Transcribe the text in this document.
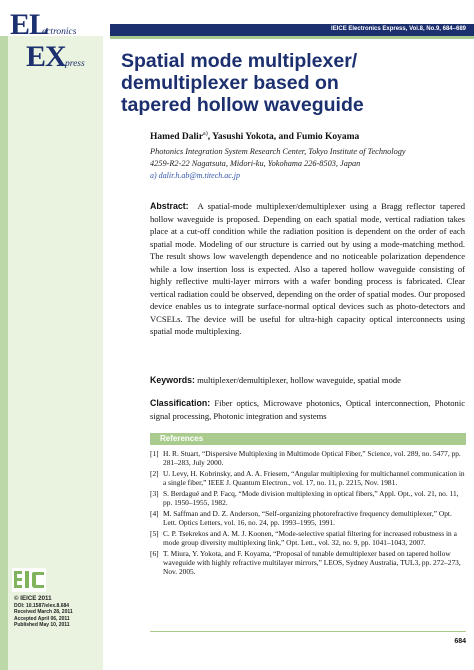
EL
ectronics
EX press
IEICE Electronics Express, Vol.8, No.9, 684–689
Spatial mode multiplexer/
demultiplexer based on
tapered hollow waveguide
Hamed Dalir$^{a)}$, Yasushi Yokota, and Fumio Koyama
Photonics Integration System Research Center, Tokyo Institute of Technology
4259-R2-22 Nagatsuta, Midori-ku, Yokohama 226-8503, Japan
a) dalir.h.ab@m.titech.ac.jp
Abstract: A spatial-mode multiplexer/demultiplexer using a Bragg reflector tapered hollow waveguide is proposed. Depending on each spatial mode, vertical radiation takes place at a cut-off condition while the radiation position is dependent on the order of each spatial mode. Modeling of our structure is carried out by using a mode-matching method. The result shows low wavelength dependence and no noticeable polarization dependence while a low insertion loss is expected. Also a tapered hollow waveguide consisting of highly reflective multi-layer mirrors with a wafer bonding process is fabricated. Clear vertical radiation could be observed, depending on the order of spatial modes. Our proposed device enables us to integrate surface-normal optical devices such as photo-detectors and VCSELs. The device will be useful for ultra-high capacity optical interconnects using spatial mode multiplexing.
Keywords: multiplexer/demultiplexer, hollow waveguide, spatial mode
Classification: Fiber optics, Microwave photonics, Optical interconnection, Photonic signal processing, Photonic integration and systems
References
[1] H. R. Stuart, “Dispersive Multiplexing in Multimode Optical Fiber,” Science, vol. 289, no. 5477, pp. 281–283, July 2000.
[2] U. Levy, H. Kobrinsky, and A. A. Friesem, “Angular multiplexing for multichannel communication in a single fiber,” IEEE J. Quantum Electron., vol. 17, no. 11, p. 2215, Nov. 1981.
[3] S. Berdagué and P. Facq, “Mode division multiplexing in optical fibers,” Appl. Opt., vol. 21, no. 11, pp. 1950–1955, 1982.
[4] M. Saffman and D. Z. Anderson, “Self-organizing photorefractive frequency demultiplexer,” Opt. Lett. Optics Letters, vol. 16, no. 24, pp. 1993–1995, 1991.
[5] C. P. Tsekrekos and A. M. J. Koonen, “Mode-selective spatial filtering for increased robustness in a mode group diversity multiplexing link,” Opt. Lett., vol. 32, no. 9, pp. 1041–1043, 2007.
[6] T. Miura, Y. Yokota, and F. Koyama, “Proposal of tunable demultiplexer based on tapered hollow waveguide with highly refractive multilayer mirrors,” LEOS, Sydney Australia, TUL3, pp. 272–273, Nov. 2005.
684
© IEICE 2011
DOI: 10.1587/elex.8.684
Received March 28, 2011
Accepted April 06, 2011
Published May 10, 2011
